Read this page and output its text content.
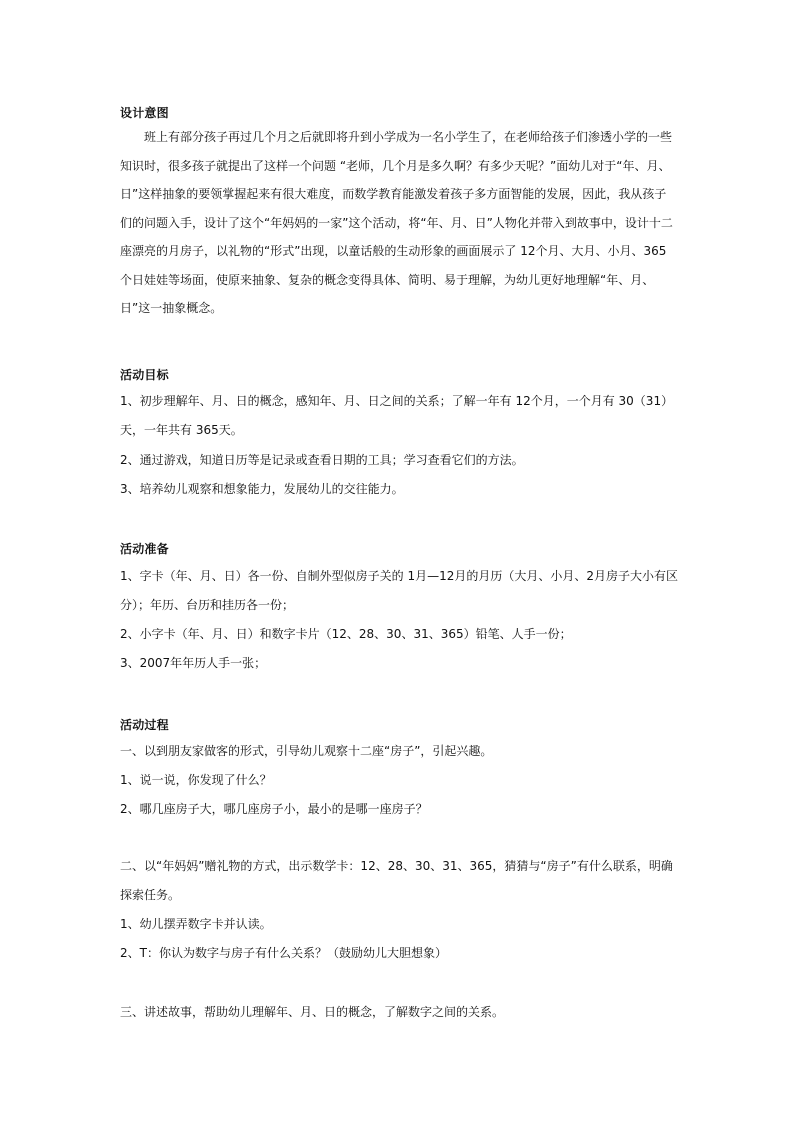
设计意图

班上有部分孩子再过几个月之后就即将升到小学成为一名小学生了，在老师给孩子们渗透小学的一些知识时，很多孩子就提出了这样一个问题 “老师，几个月是多久啊？有多少天呢？”面幼儿对于“年、月、日”这样抽象的要领掌握起来有很大难度，而数学教育能激发着孩子多方面智能的发展，因此，我从孩子们的问题入手，设计了这个“年妈妈的一家”这个活动，将“年、月、日”人物化并带入到故事中，设计十二座漂亮的月房子，以礼物的“形式”出现，以童话般的生动形象的画面展示了 12个月、大月、小月、365个日娃娃等场面，使原来抽象、复杂的概念变得具体、简明、易于理解，为幼儿更好地理解“年、月、日”这一抽象概念。

活动目标

1、初步理解年、月、日的概念，感知年、月、日之间的关系；了解一年有 12个月，一个月有 30（31）天，一年共有 365天。

2、通过游戏，知道日历等是记录或查看日期的工具；学习查看它们的方法。

3、培养幼儿观察和想象能力，发展幼儿的交往能力。

活动准备

1、字卡（年、月、日）各一份、自制外型似房子关的 1月—12月的月历（大月、小月、2月房子大小有区分）；年历、台历和挂历各一份；

2、小字卡（年、月、日）和数字卡片（12、28、30、31、365）铅笔、人手一份；

3、2007年年历人手一张；

活动过程

一、以到朋友家做客的形式，引导幼儿观察十二座“房子”，引起兴趣。

1、说一说，你发现了什么？

2、哪几座房子大，哪几座房子小，最小的是哪一座房子？

二、以“年妈妈”赠礼物的方式，出示数学卡：12、28、30、31、365，猜猜与“房子”有什么联系，明确探索任务。

1、幼儿摆弄数字卡并认读。

2、T：你认为数字与房子有什么关系？（鼓励幼儿大胆想象）

三、讲述故事，帮助幼儿理解年、月、日的概念，了解数字之间的关系。
